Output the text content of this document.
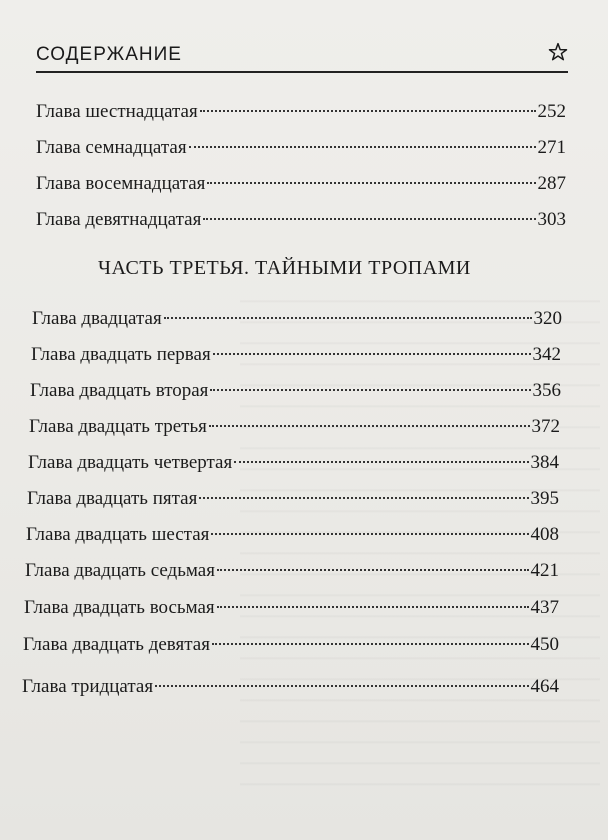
СОДЕРЖАНИЕ
Глава шестнадцатая	252
Глава семнадцатая	271
Глава восемнадцатая	287
Глава девятнадцатая	303
ЧАСТЬ ТРЕТЬЯ. ТАЙНЫМИ ТРОПАМИ
Глава двадцатая	320
Глава двадцать первая	342
Глава двадцать вторая	356
Глава двадцать третья	372
Глава двадцать четвертая	384
Глава двадцать пятая	395
Глава двадцать шестая	408
Глава двадцать седьмая	421
Глава двадцать восьмая	437
Глава двадцать девятая	450
Глава тридцатая	464
